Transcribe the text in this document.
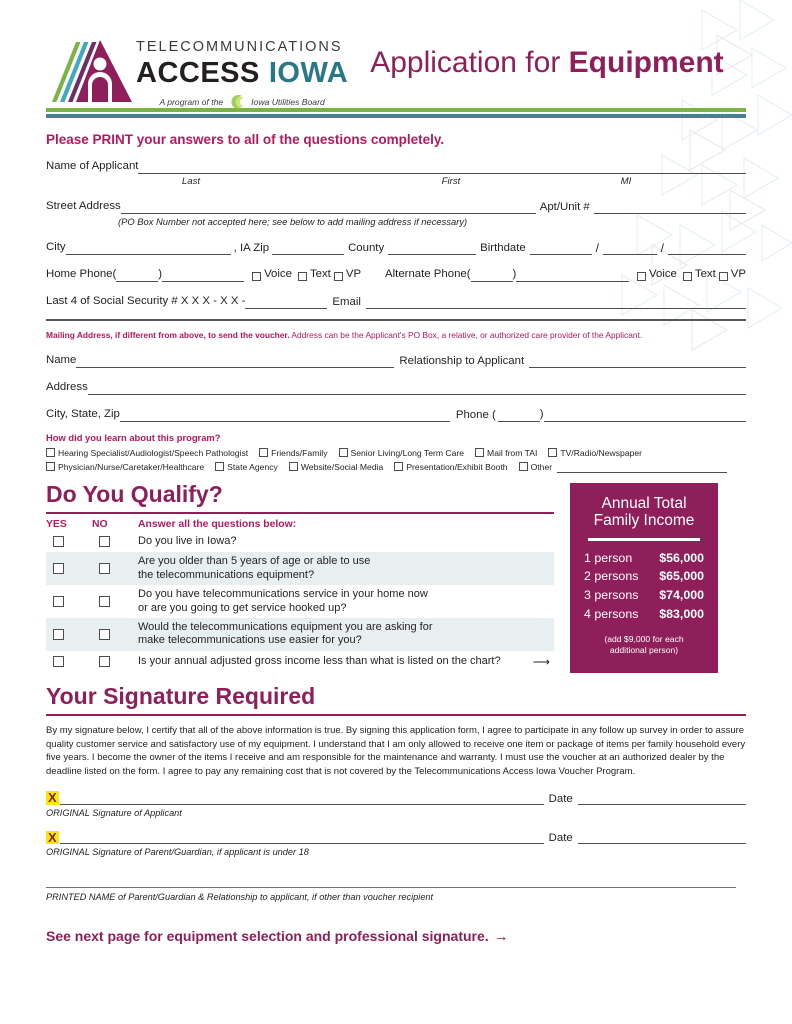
TELECOMMUNICATIONS
ACCESS IOWA
A program of the	Iowa Utilities Board
Application for Equipment
Please PRINT your answers to all of the questions completely.
Name of Applicant
Last	First	MI
Street Address	Apt/Unit #
(PO Box Number not accepted here; see below to add mailing address if necessary)
City	, IA Zip	County	Birthdate	/	/
Home Phone(	)	Voice Text VP	Alternate Phone(	)	Voice Text VP
Last 4 of Social Security # X X X - X X -	Email
Mailing Address, if different from above, to send the voucher. Address can be the Applicant's PO Box, a relative, or authorized care provider of the Applicant.
Name	Relationship to Applicant
Address
City, State, Zip	Phone (	)
How did you learn about this program?
Hearing Specialist/Audiologist/Speech Pathologist	Friends/Family	Senior Living/Long Term Care	Mail from TAI	TV/Radio/Newspaper
Physician/Nurse/Caretaker/Healthcare	State Agency	Website/Social Media	Presentation/Exhibit Booth	Other
Do You Qualify?
YES	NO	Answer all the questions below:
Do you live in Iowa?
Are you older than 5 years of age or able to use
the telecommunications equipment?
Do you have telecommunications service in your home now
or are you going to get service hooked up?
Would the telecommunications equipment you are asking for
make telecommunications use easier for you?
Is your annual adjusted gross income less than what is listed on the chart?	⟶
Annual Total
Family Income
1 person $56,000
2 persons $65,000
3 persons $74,000
4 persons $83,000
(add $9,000 for each
additional person)
Your Signature Required
By my signature below, I certify that all of the above information is true. By signing this application form, I agree to participate in any follow up survey in order to assure quality customer service and satisfactory use of my equipment. I understand that I am only allowed to receive one item or package of items per family household every five years. I become the owner of the items I receive and am responsible for the maintenance and warranty. I must use the voucher at an authorized dealer by the deadline listed on the form. I agree to pay any remaining cost that is not covered by the Telecommunications Access Iowa Voucher Program.
X	Date
ORIGINAL Signature of Applicant
X	Date
ORIGINAL Signature of Parent/Guardian, if applicant is under 18
PRINTED NAME of Parent/Guardian & Relationship to applicant, if other than voucher recipient
See next page for equipment selection and professional signature. →
